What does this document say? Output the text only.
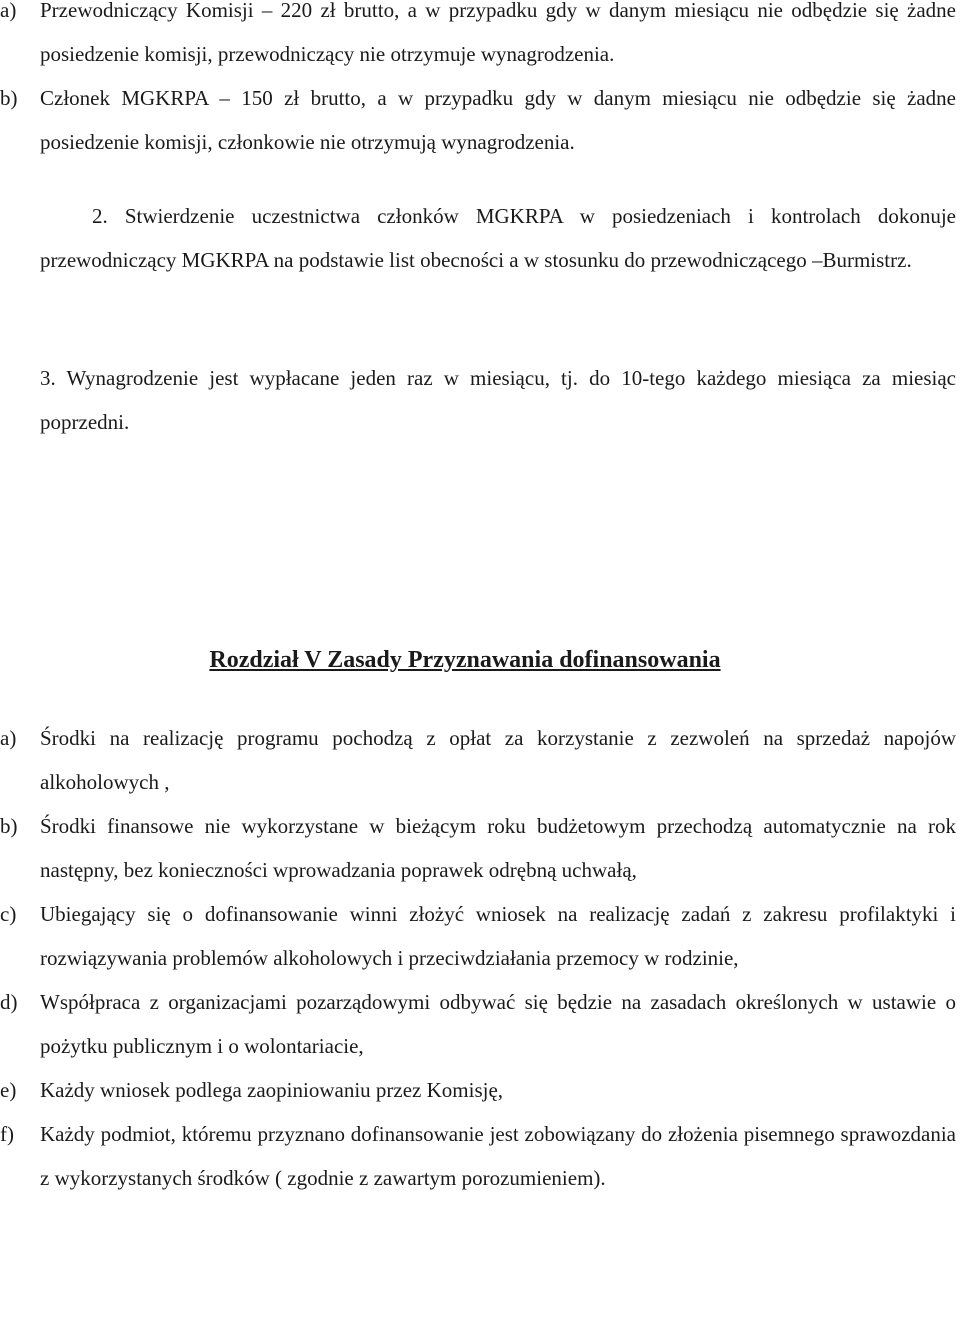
a)	Przewodniczący Komisji – 220 zł brutto, a w przypadku gdy w danym miesiącu nie odbędzie się żadne posiedzenie komisji, przewodniczący nie otrzymuje wynagrodzenia.
b)	Członek MGKRPA – 150 zł brutto, a w przypadku gdy w danym miesiącu nie odbędzie się żadne posiedzenie komisji, członkowie nie otrzymują wynagrodzenia.

2. Stwierdzenie uczestnictwa członków MGKRPA w posiedzeniach i kontrolach dokonuje przewodniczący MGKRPA na podstawie list obecności a w stosunku do przewodniczącego –Burmistrz.

3. Wynagrodzenie jest wypłacane jeden raz w miesiącu, tj. do 10-tego każdego miesiąca za miesiąc poprzedni.

Rozdział V Zasady Przyznawania dofinansowania
a)	Środki na realizację programu pochodzą z opłat za korzystanie z zezwoleń na sprzedaż napojów alkoholowych ,
b)	Środki finansowe nie wykorzystane w bieżącym roku budżetowym przechodzą automatycznie na rok następny, bez konieczności wprowadzania poprawek odrębną uchwałą,
c)	Ubiegający się o dofinansowanie winni złożyć wniosek na realizację zadań z zakresu profilaktyki i rozwiązywania problemów alkoholowych i przeciwdziałania przemocy w rodzinie,
d)	Współpraca z organizacjami pozarządowymi odbywać się będzie na zasadach określonych w ustawie o pożytku publicznym i o wolontariacie,
e)	Każdy wniosek podlega zaopiniowaniu przez Komisję,
f)	Każdy podmiot, któremu przyznano dofinansowanie jest zobowiązany do złożenia pisemnego sprawozdania z wykorzystanych środków ( zgodnie z zawartym porozumieniem).
